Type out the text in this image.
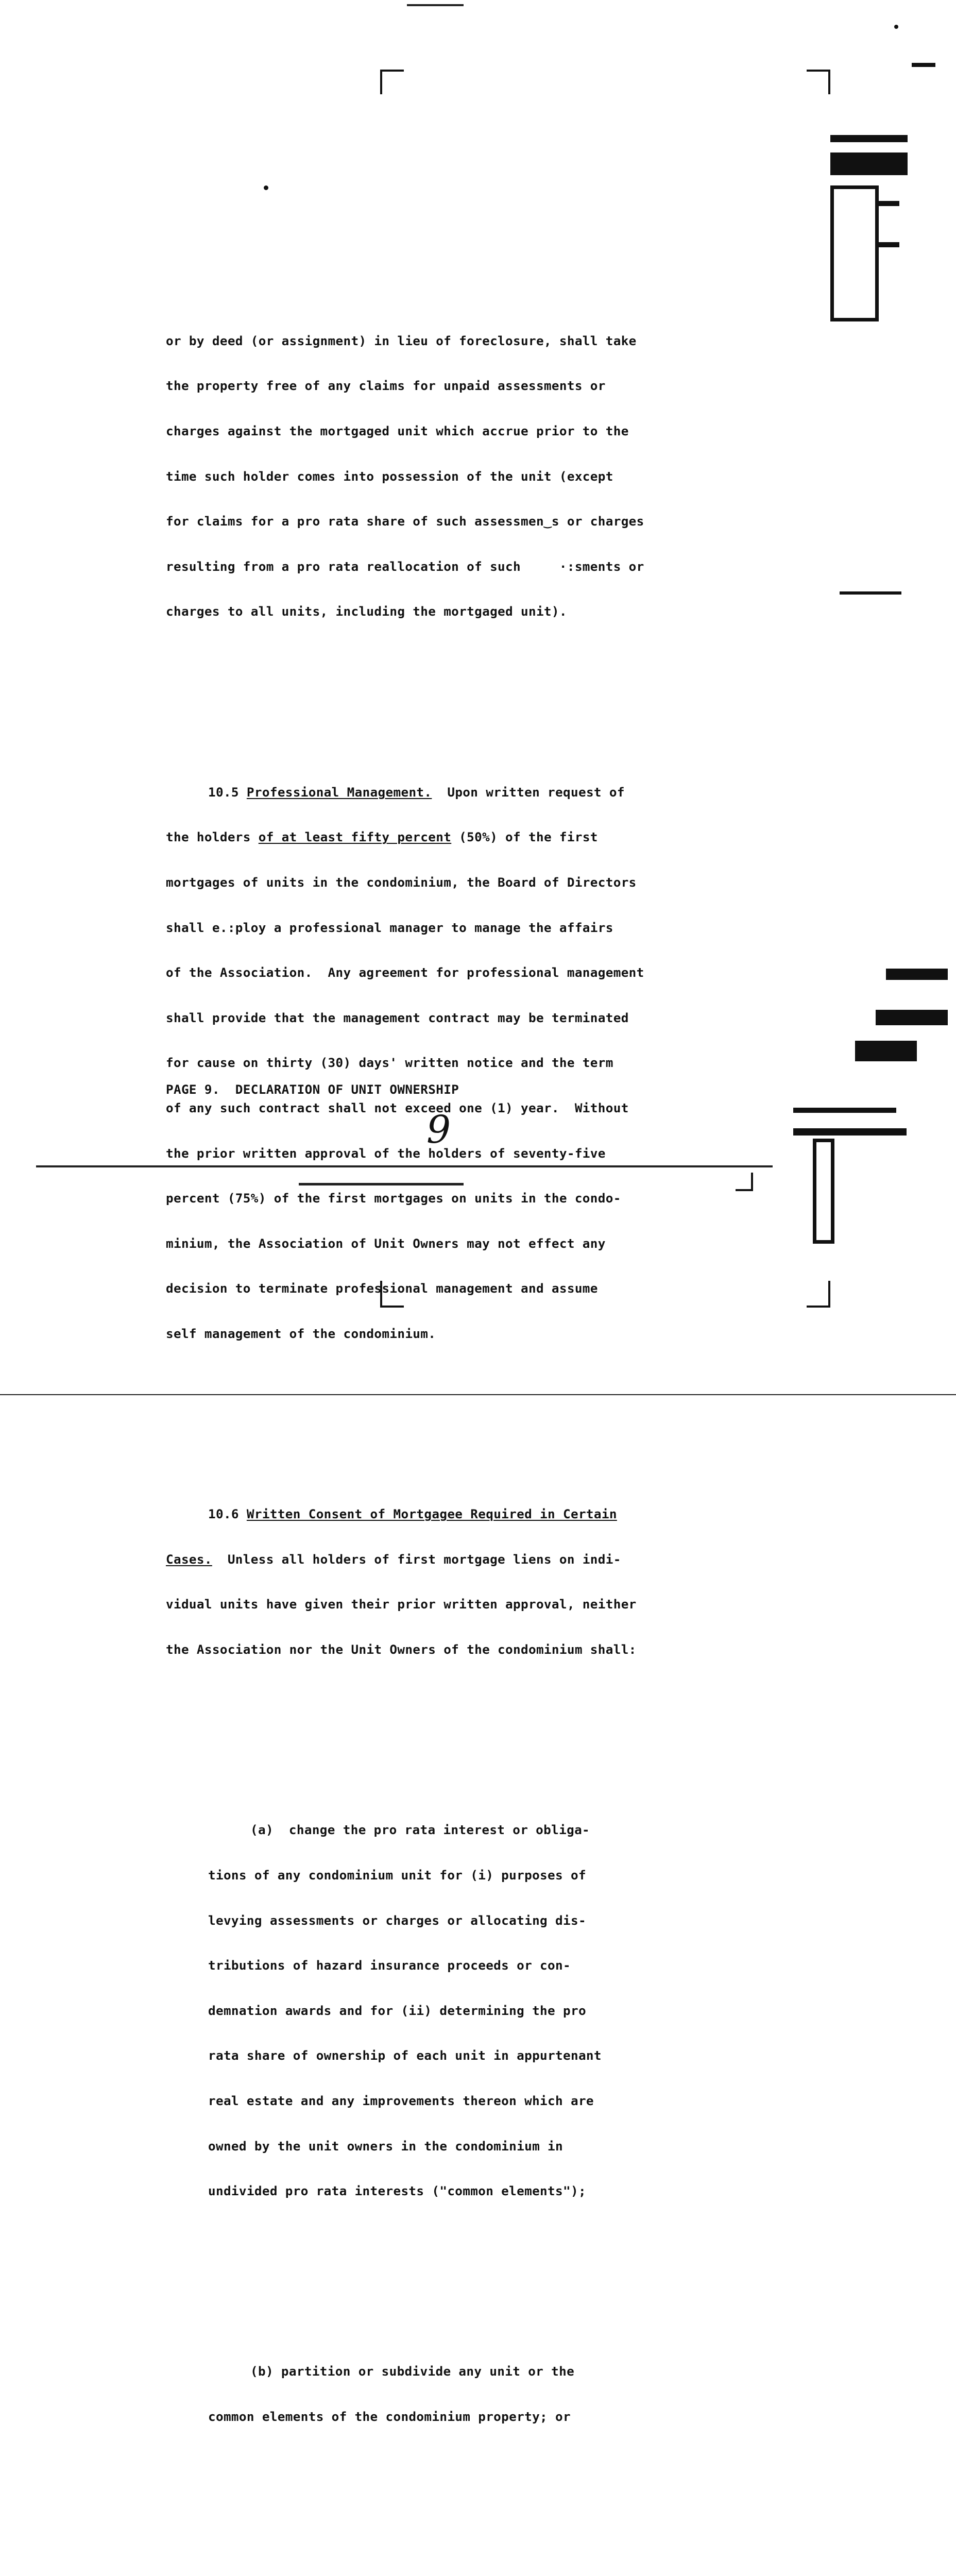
or by deed (or assignment) in lieu of foreclosure, shall take

the property free of any claims for unpaid assessments or

charges against the mortgaged unit which accrue prior to the

time such holder comes into possession of the unit (except

for claims for a pro rata share of such assessmen‿s or charges

resulting from a pro rata reallocation of such     ·:sments or

charges to all units, including the mortgaged unit).

10.5 Professional Management.  Upon written request of

the holders of at least fifty percent (50%) of the first

mortgages of units in the condominium, the Board of Directors

shall e.:ploy a professional manager to manage the affairs

of the Association.  Any agreement for professional management

shall provide that the management contract may be terminated

for cause on thirty (30) days' written notice and the term

of any such contract shall not exceed one (1) year.  Without

the prior written approval of the holders of seventy-five

percent (75%) of the first mortgages on units in the condo-

minium, the Association of Unit Owners may not effect any

decision to terminate professional management and assume

self management of the condominium.

10.6 Written Consent of Mortgagee Required in Certain

Cases.  Unless all holders of first mortgage liens on indi-

vidual units have given their prior written approval, neither

the Association nor the Unit Owners of the condominium shall:

(a)  change the pro rata interest or obliga-

tions of any condominium unit for (i) purposes of

levying assessments or charges or allocating dis-

tributions of hazard insurance proceeds or con-

demnation awards and for (ii) determining the pro

rata share of ownership of each unit in appurtenant

real estate and any improvements thereon which are

owned by the unit owners in the condominium in

undivided pro rata interests ("common elements");

(b) partition or subdivide any unit or the

common elements of the condominium property; or

PAGE 9.  DECLARATION OF UNIT OWNERSHIP
9
